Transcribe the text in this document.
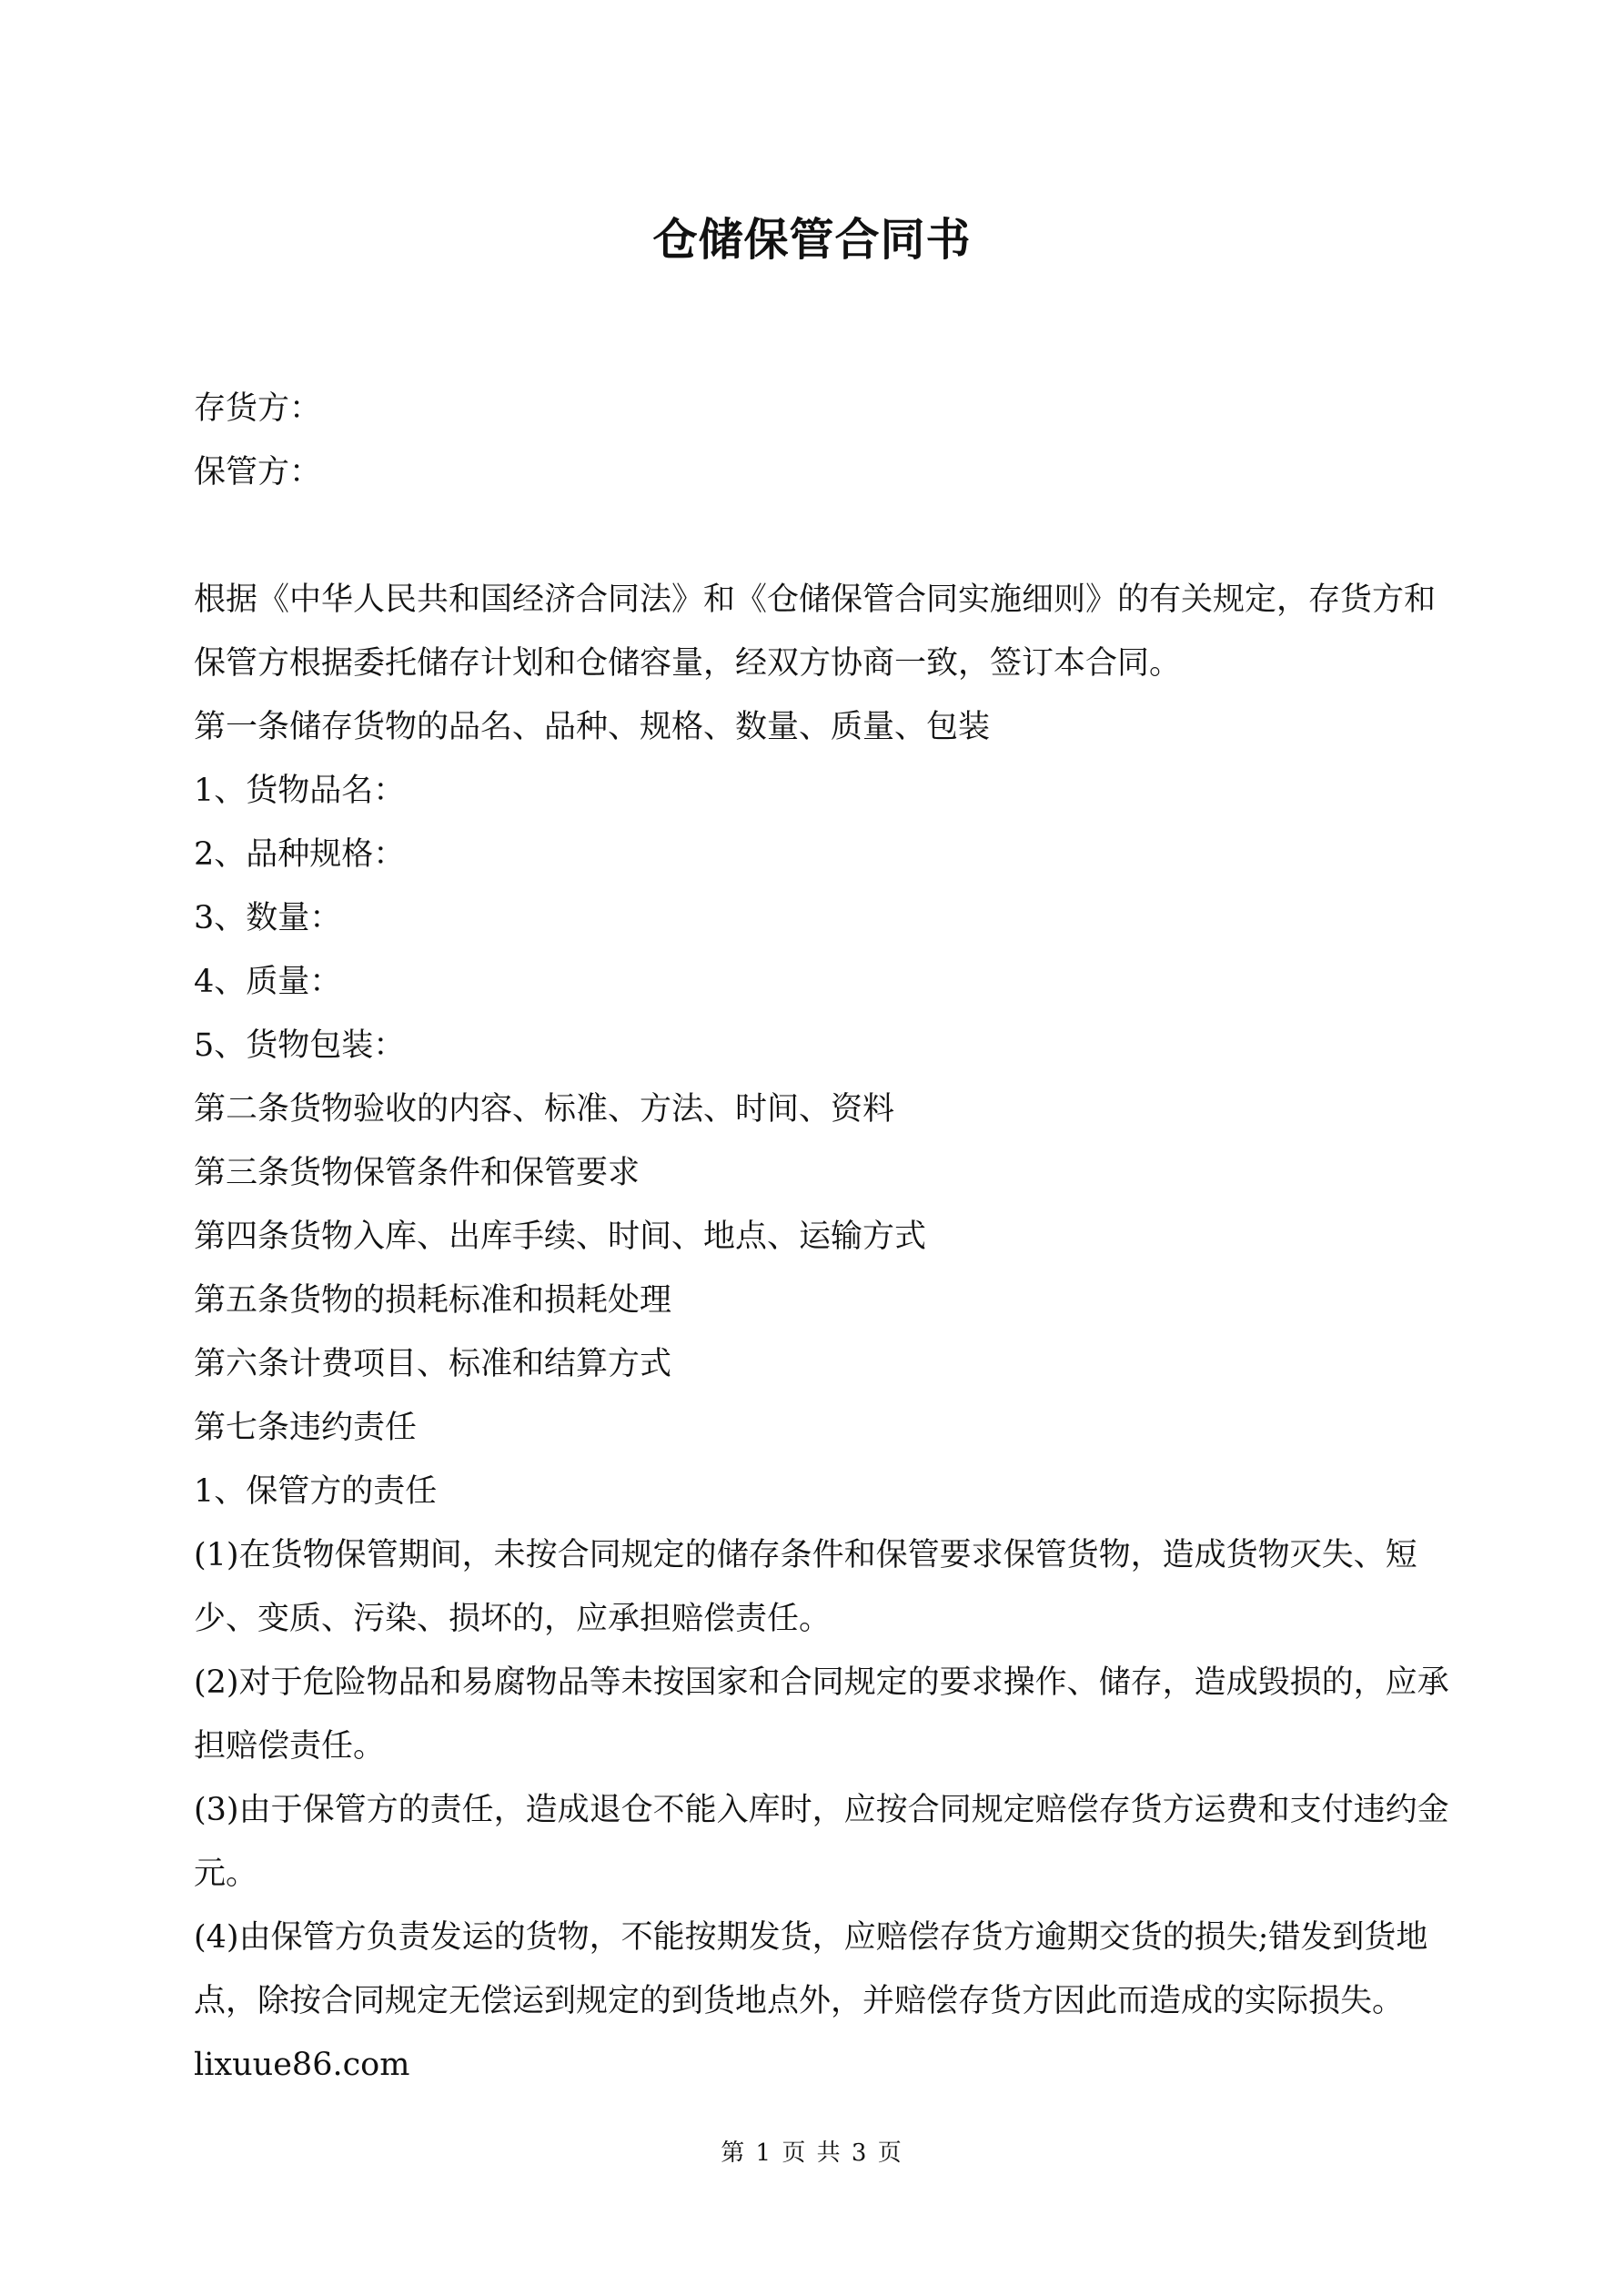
仓储保管合同书

存货方：

保管方：

根据《中华人民共和国经济合同法》和《仓储保管合同实施细则》的有关规定，存货方和保管方根据委托储存计划和仓储容量，经双方协商一致，签订本合同。

第一条储存货物的品名、品种、规格、数量、质量、包装

1、货物品名：

2、品种规格：

3、数量：

4、质量：

5、货物包装：

第二条货物验收的内容、标准、方法、时间、资料

第三条货物保管条件和保管要求

第四条货物入库、出库手续、时间、地点、运输方式

第五条货物的损耗标准和损耗处理

第六条计费项目、标准和结算方式

第七条违约责任

1、保管方的责任

(1)在货物保管期间，未按合同规定的储存条件和保管要求保管货物，造成货物灭失、短少、变质、污染、损坏的，应承担赔偿责任。

(2)对于危险物品和易腐物品等未按国家和合同规定的要求操作、储存，造成毁损的，应承担赔偿责任。

(3)由于保管方的责任，造成退仓不能入库时，应按合同规定赔偿存货方运费和支付违约金元。

(4)由保管方负责发运的货物，不能按期发货，应赔偿存货方逾期交货的损失;错发到货地点，除按合同规定无偿运到规定的到货地点外，并赔偿存货方因此而造成的实际损失。

lixuue86.com

第 1 页 共 3 页
